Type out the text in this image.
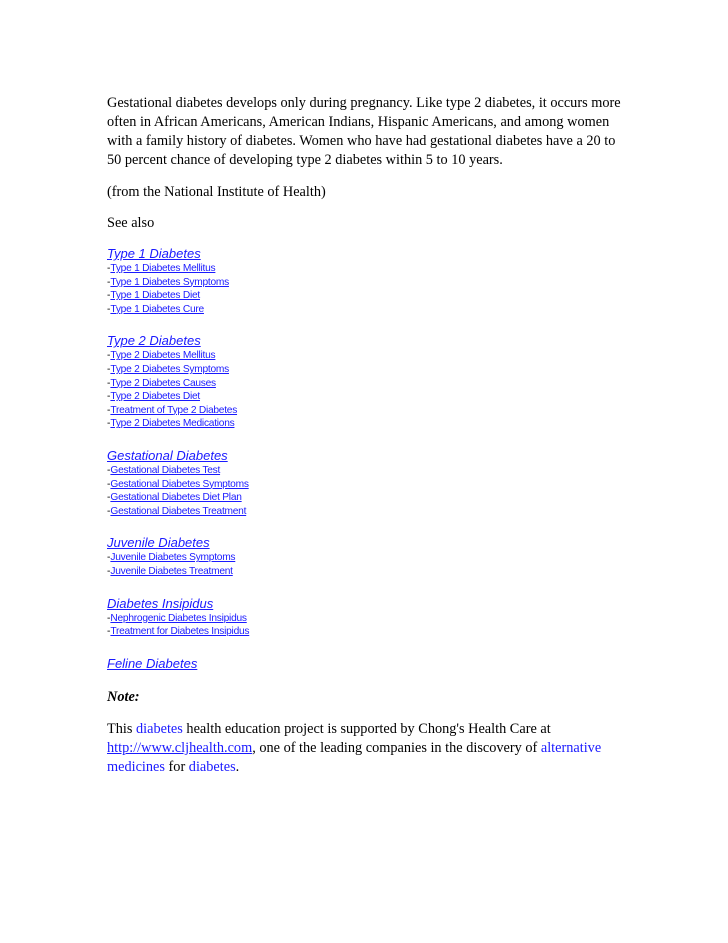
Gestational diabetes develops only during pregnancy. Like type 2 diabetes, it occurs more often in African Americans, American Indians, Hispanic Americans, and among women with a family history of diabetes. Women who have had gestational diabetes have a 20 to 50 percent chance of developing type 2 diabetes within 5 to 10 years.

(from the National Institute of Health)

See also

Type 1 Diabetes
-Type 1 Diabetes Mellitus
-Type 1 Diabetes Symptoms
-Type 1 Diabetes Diet
-Type 1 Diabetes Cure
Type 2 Diabetes
-Type 2 Diabetes Mellitus
-Type 2 Diabetes Symptoms
-Type 2 Diabetes Causes
-Type 2 Diabetes Diet
-Treatment of Type 2 Diabetes
-Type 2 Diabetes Medications
Gestational Diabetes
-Gestational Diabetes Test
-Gestational Diabetes Symptoms
-Gestational Diabetes Diet Plan
-Gestational Diabetes Treatment
Juvenile Diabetes
-Juvenile Diabetes Symptoms
-Juvenile Diabetes Treatment
Diabetes Insipidus
-Nephrogenic Diabetes Insipidus
-Treatment for Diabetes Insipidus
Feline Diabetes

Note:

This diabetes health education project is supported by Chong's Health Care at http://www.cljhealth.com, one of the leading companies in the discovery of alternative medicines for diabetes.
